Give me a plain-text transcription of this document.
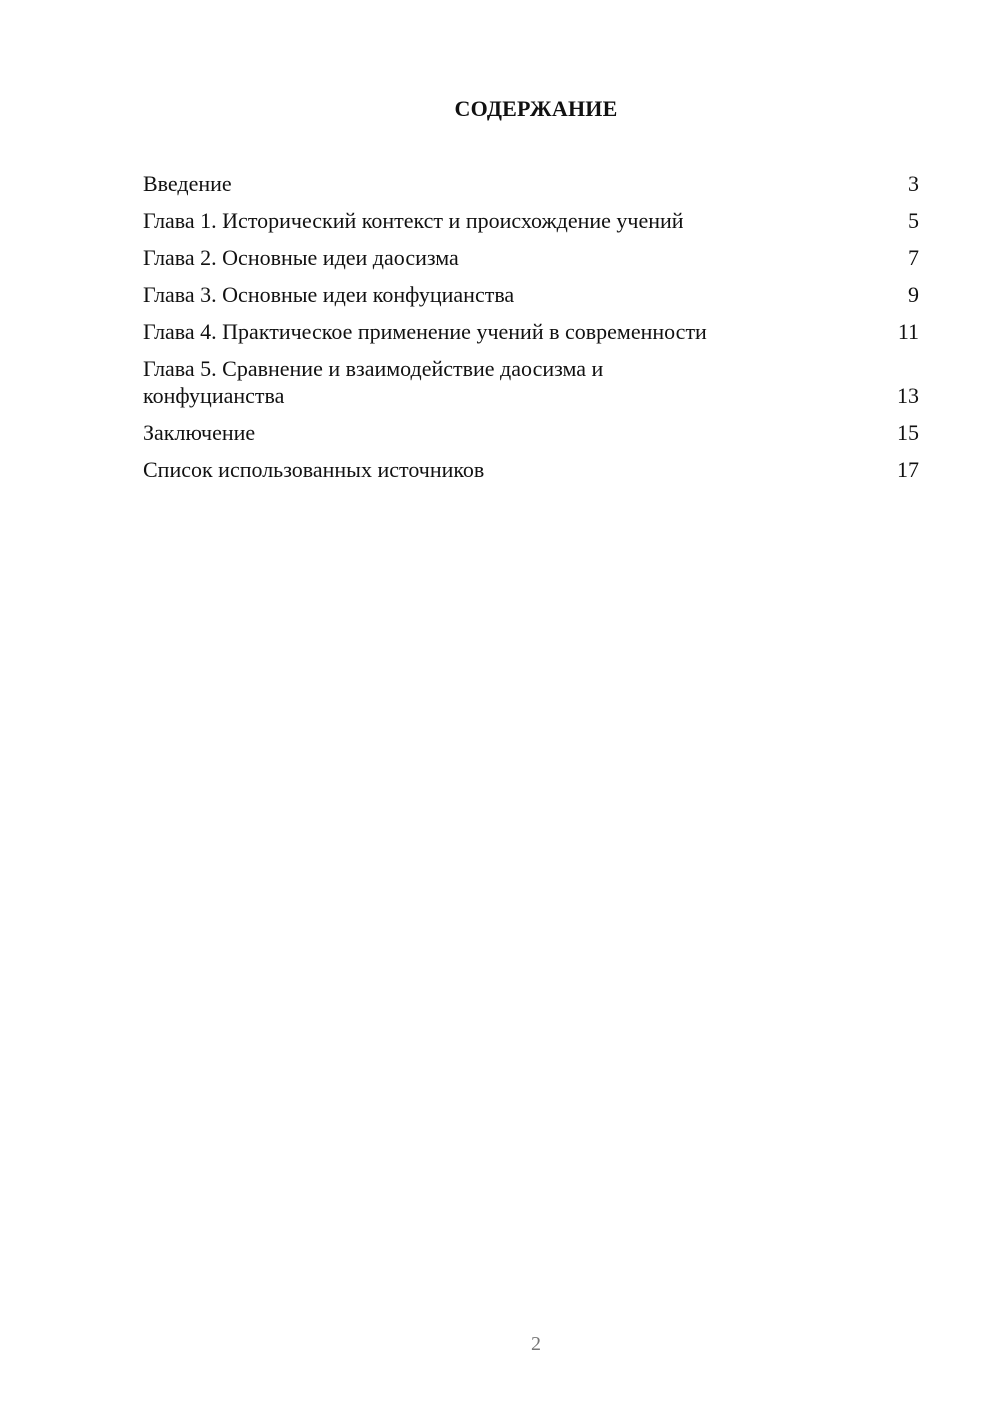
СОДЕРЖАНИЕ
Введение	3
Глава 1. Исторический контекст и происхождение учений	5
Глава 2. Основные идеи даосизма	7
Глава 3. Основные идеи конфуцианства	9
Глава 4. Практическое применение учений в современности	11
Глава 5. Сравнение и взаимодействие даосизма и конфуцианства	13
Заключение	15
Список использованных источников	17
2
